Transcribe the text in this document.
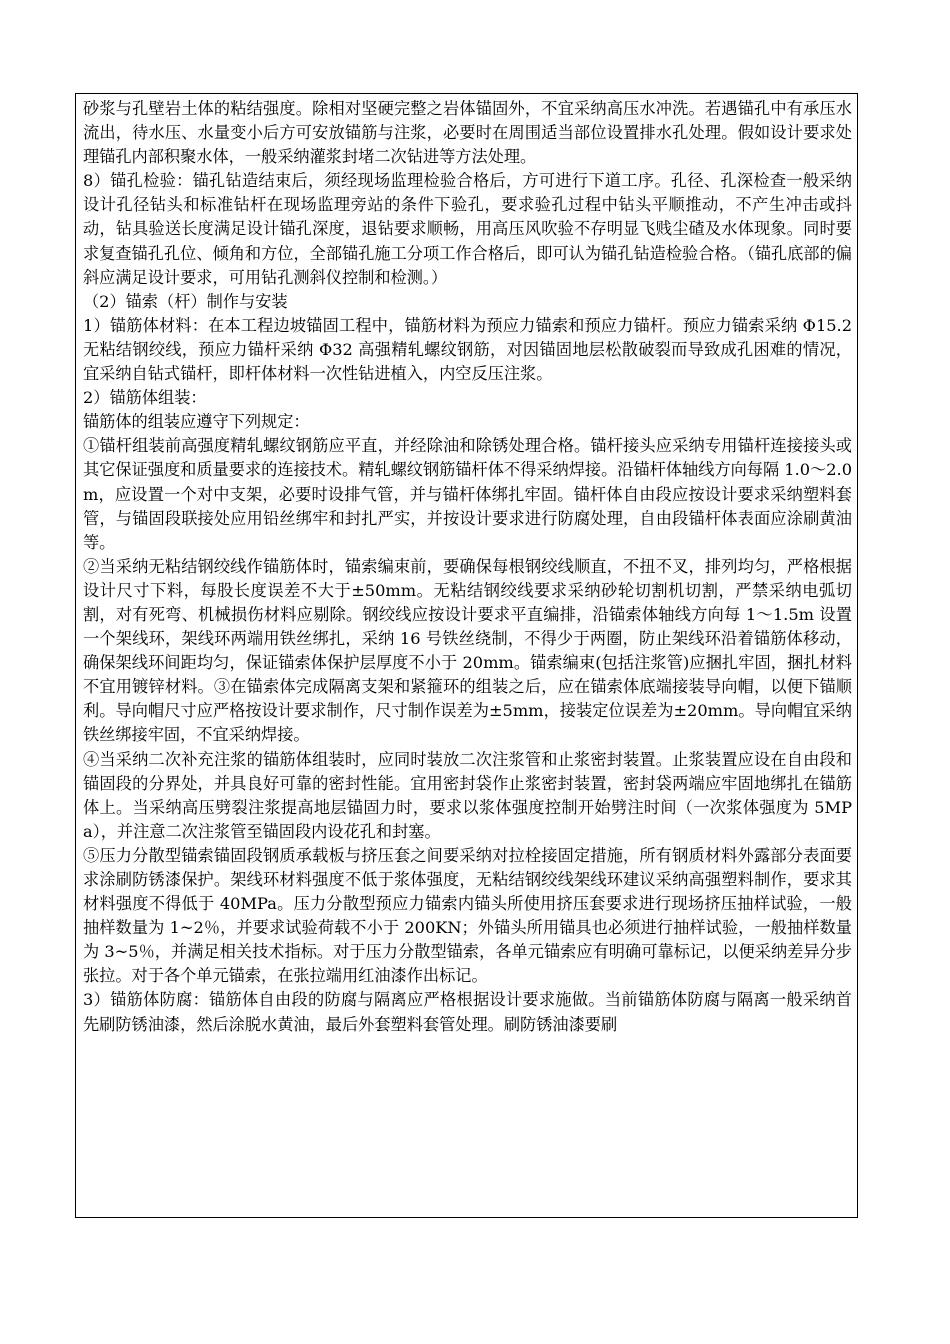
砂浆与孔壁岩土体的粘结强度。除相对坚硬完整之岩体锚固外，不宜采纳高压水冲洗。若遇锚孔中有承压水流出，待水压、水量变小后方可安放锚筋与注浆，必要时在周围适当部位设置排水孔处理。假如设计要求处理锚孔内部积聚水体，一般采纳灌浆封堵二次钻进等方法处理。

8）锚孔检验：锚孔钻造结束后，须经现场监理检验合格后，方可进行下道工序。孔径、孔深检查一般采纳设计孔径钻头和标准钻杆在现场监理旁站的条件下验孔，要求验孔过程中钻头平顺推动，不产生冲击或抖动，钻具验送长度满足设计锚孔深度，退钻要求顺畅，用高压风吹验不存明显飞贱尘碴及水体现象。同时要求复查锚孔孔位、倾角和方位，全部锚孔施工分项工作合格后，即可认为锚孔钻造检验合格。（锚孔底部的偏斜应满足设计要求，可用钻孔测斜仪控制和检测。）

（2）锚索（杆）制作与安装

1）锚筋体材料：在本工程边坡锚固工程中，锚筋材料为预应力锚索和预应力锚杆。预应力锚索采纳 Φ15.2 无粘结钢绞线，预应力锚杆采纳 Φ32 高强精轧螺纹钢筋，对因锚固地层松散破裂而导致成孔困难的情况，宜采纳自钻式锚杆，即杆体材料一次性钻进植入，内空反压注浆。

2）锚筋体组装：

锚筋体的组装应遵守下列规定：

①锚杆组装前高强度精轧螺纹钢筋应平直，并经除油和除锈处理合格。锚杆接头应采纳专用锚杆连接接头或其它保证强度和质量要求的连接技术。精轧螺纹钢筋锚杆体不得采纳焊接。沿锚杆体轴线方向每隔 1.0～2.0m，应设置一个对中支架，必要时设排气管，并与锚杆体绑扎牢固。锚杆体自由段应按设计要求采纳塑料套管，与锚固段联接处应用铅丝绑牢和封扎严实，并按设计要求进行防腐处理，自由段锚杆体表面应涂刷黄油等。

②当采纳无粘结钢绞线作锚筋体时，锚索编束前，要确保每根钢绞线顺直，不扭不叉，排列均匀，严格根据设计尺寸下料，每股长度误差不大于±50mm。无粘结钢绞线要求采纳砂轮切割机切割，严禁采纳电弧切割，对有死弯、机械损伤材料应剔除。钢绞线应按设计要求平直编排，沿锚索体轴线方向每 1～1.5m 设置一个架线环，架线环两端用铁丝绑扎，采纳 16 号铁丝绕制，不得少于两圈，防止架线环沿着锚筋体移动，确保架线环间距均匀，保证锚索体保护层厚度不小于 20mm。锚索编束(包括注浆管)应捆扎牢固，捆扎材料不宜用镀锌材料。③在锚索体完成隔离支架和紧箍环的组装之后，应在锚索体底端接装导向帽，以便下锚顺利。导向帽尺寸应严格按设计要求制作，尺寸制作误差为±5mm，接装定位误差为±20mm。导向帽宜采纳铁丝绑接牢固，不宜采纳焊接。

④当采纳二次补充注浆的锚筋体组装时，应同时装放二次注浆管和止浆密封装置。止浆装置应设在自由段和锚固段的分界处，并具良好可靠的密封性能。宜用密封袋作止浆密封装置，密封袋两端应牢固地绑扎在锚筋体上。当采纳高压劈裂注浆提高地层锚固力时，要求以浆体强度控制开始劈注时间（一次浆体强度为 5MPa），并注意二次注浆管至锚固段内设花孔和封塞。

⑤压力分散型锚索锚固段钢质承载板与挤压套之间要采纳对拉栓接固定措施，所有钢质材料外露部分表面要求涂刷防锈漆保护。架线环材料强度不低于浆体强度，无粘结钢绞线架线环建议采纳高强塑料制作，要求其材料强度不得低于 40MPa。压力分散型预应力锚索内锚头所使用挤压套要求进行现场挤压抽样试验，一般抽样数量为 1~2％，并要求试验荷载不小于 200KN；外锚头所用锚具也必须进行抽样试验，一般抽样数量为 3~5％，并满足相关技术指标。对于压力分散型锚索，各单元锚索应有明确可靠标记，以便采纳差异分步张拉。对于各个单元锚索，在张拉端用红油漆作出标记。

3）锚筋体防腐：锚筋体自由段的防腐与隔离应严格根据设计要求施做。当前锚筋体防腐与隔离一般采纳首先刷防锈油漆，然后涂脱水黄油，最后外套塑料套管处理。刷防锈油漆要刷
